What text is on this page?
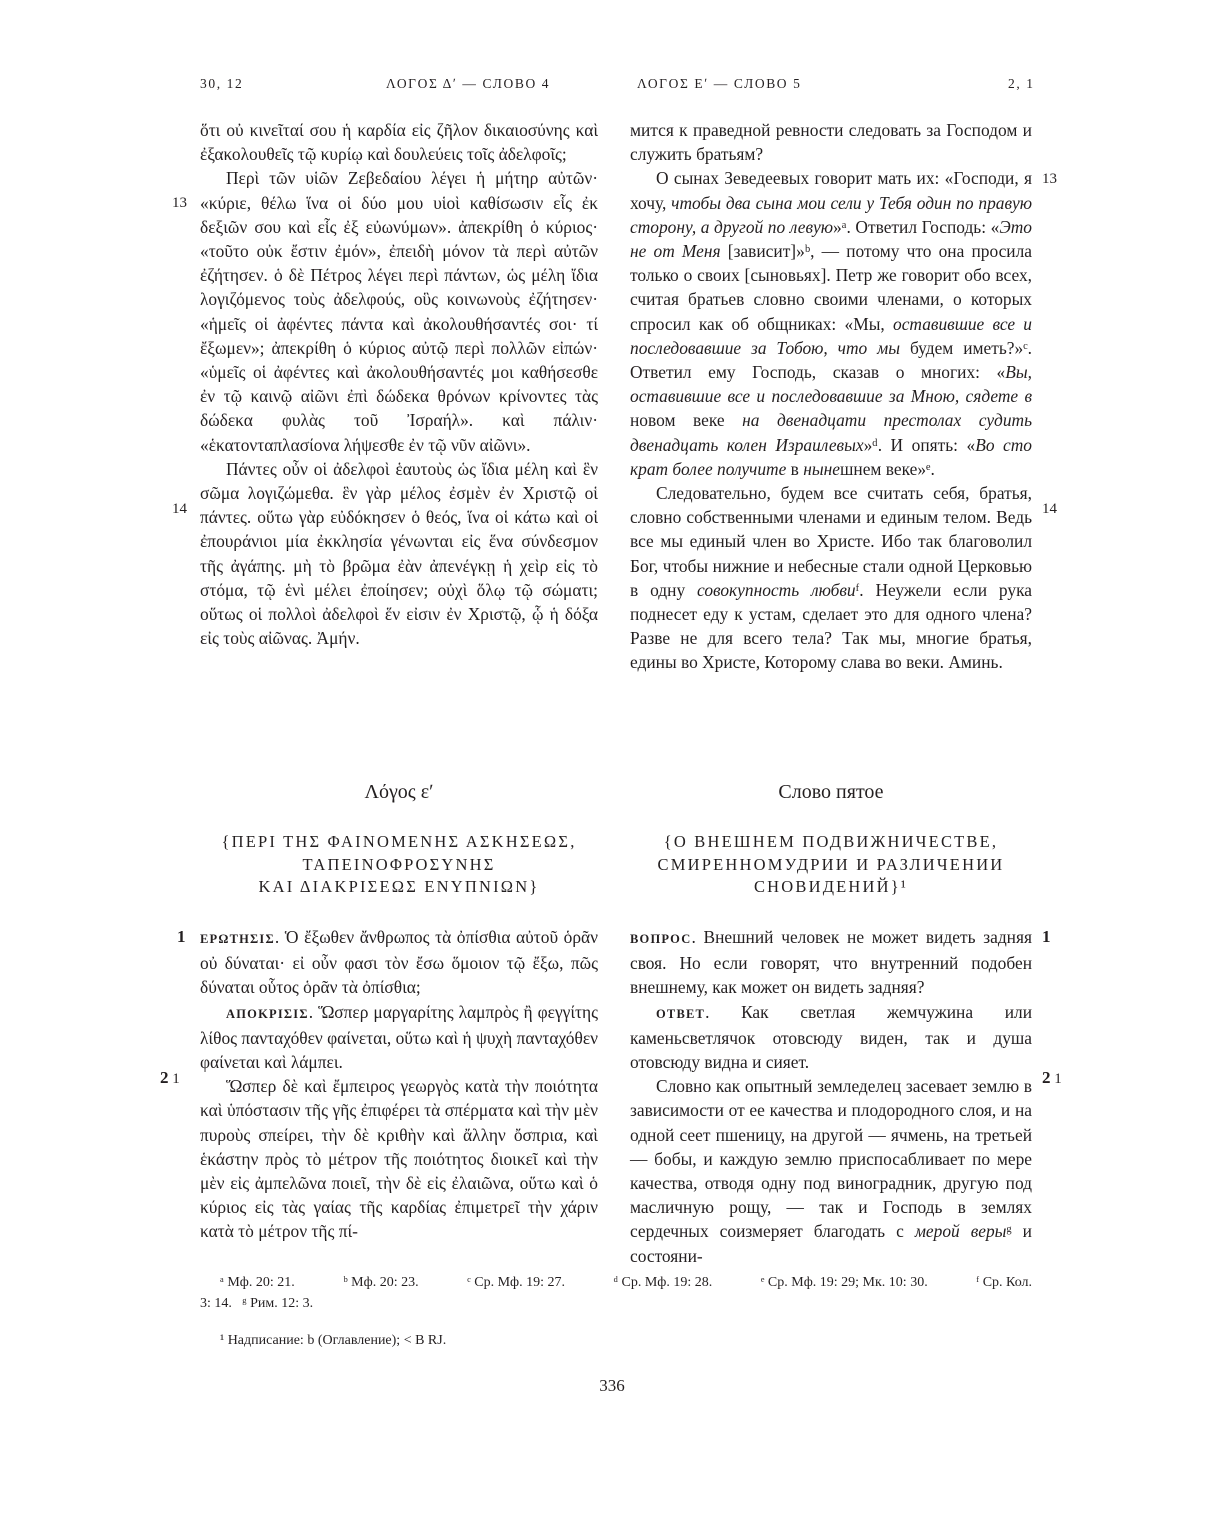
30, 12	ΛΟΓΟΣ Δʹ — СЛОВО 4	ΛΟΓΟΣ Εʹ — СЛОВО 5	2, 1

ὅτι οὐ κινεῖταί σου ἡ καρδία εἰς ζῆλον δικαιοσύνης καὶ ἐξακολουθεῖς τῷ κυρίῳ καὶ δουλεύεις τοῖς ἀδελφοῖς;

Περὶ τῶν υἱῶν Ζεβεδαίου λέγει ἡ μήτηρ αὐτῶν· «κύριε, θέλω ἵνα οἱ δύο μου υἱοὶ καθίσωσιν εἷς ἐκ δεξιῶν σου καὶ εἷς ἐξ εὐωνύμων». ἀπεκρίθη ὁ κύριος· «τοῦτο οὐκ ἔστιν ἐμόν», ἐπειδὴ μόνον τὰ περὶ αὐτῶν ἐζήτησεν. ὁ δὲ Πέτρος λέγει περὶ πάντων, ὡς μέλη ἴδια λογιζόμενος τοὺς ἀδελφούς, οὓς κοινωνοὺς ἐζήτησεν· «ἡμεῖς οἱ ἀφέντες πάντα καὶ ἀκολουθήσαντές σοι· τί ἔξωμεν»; ἀπεκρίθη ὁ κύριος αὐτῷ περὶ πολλῶν εἰπών· «ὑμεῖς οἱ ἀφέντες καὶ ἀκολουθήσαντές μοι καθήσεσθε ἐν τῷ καινῷ αἰῶνι ἐπὶ δώδεκα θρόνων κρίνοντες τὰς δώδεκα φυλὰς τοῦ Ἰσραήλ». καὶ πάλιν· «ἑκατονταπλασίονα λήψεσθε ἐν τῷ νῦν αἰῶνι».

Πάντες οὖν οἱ ἀδελφοὶ ἑαυτοὺς ὡς ἴδια μέλη καὶ ἓν σῶμα λογιζώμεθα. ἓν γὰρ μέλος ἐσμὲν ἐν Χριστῷ οἱ πάντες. οὕτω γὰρ εὐδόκησεν ὁ θεός, ἵνα οἱ κάτω καὶ οἱ ἐπουράνιοι μία ἐκκλησία γένωνται εἰς ἕνα σύνδεσμον τῆς ἀγάπης. μὴ τὸ βρῶμα ἐὰν ἀπενέγκῃ ἡ χεὶρ εἰς τὸ στόμα, τῷ ἑνὶ μέλει ἐποίησεν; οὐχὶ ὅλῳ τῷ σώματι; οὕτως οἱ πολλοὶ ἀδελφοὶ ἕν εἰσιν ἐν Χριστῷ, ᾧ ἡ δόξα εἰς τοὺς αἰῶνας. Ἀμήν.

13
14

мится к праведной ревности следовать за Господом и служить братьям?

О сынах Зеведеевых говорит мать их: «Господи, я хочу, чтобы два сына мои сели у Тебя один по правую сторону, а другой по левую»ᵃ. Ответил Господь: «Это не от Меня [зависит]»ᵇ, — потому что она просила только о своих [сыновьях]. Петр же говорит обо всех, считая братьев словно своими членами, о которых спросил как об общниках: «Мы, оставившие все и последовавшие за Тобою, что мы будем иметь?»ᶜ. Ответил ему Господь, сказав о многих: «Вы, оставившие все и последовавшие за Мною, сядете в новом веке на двенадцати престолах судить двенадцать колен Израилевых»ᵈ. И опять: «Во сто крат более получите в нынешнем веке»ᵉ.

Следовательно, будем все считать себя, братья, словно собственными членами и единым телом. Ведь все мы единый член во Христе. Ибо так благоволил Бог, чтобы нижние и небесные стали одной Церковью в одну совокупность любвиᶠ. Неужели если рука поднесет еду к устам, сделает это для одного члена? Разве не для всего тела? Так мы, многие братья, едины во Христе, Которому слава во веки. Аминь.

13
14
Λόγος εʹ	Слово пятое
{ΠΕΡΙ ΤΗΣ ΦΑΙΝΟΜΕΝΗΣ ΑΣΚΗΣΕΩΣ,
ΤΑΠΕΙΝΟΦΡΟΣΥΝΗΣ
ΚΑΙ ΔΙΑΚΡΙΣΕΩΣ ΕΝΥΠΝΙΩΝ}
{О ВНЕШНЕМ ПОДВИЖНИЧЕСТВЕ,
СМИРЕННОМУДРИИ И РАЗЛИЧЕНИИ
СНОВИДЕНИЙ}¹

ΕΡΩΤΗΣΙΣ. Ὁ ἔξωθεν ἄνθρωπος τὰ ὀπίσθια αὐτοῦ ὁρᾶν οὐ δύναται· εἰ οὖν φασι τὸν ἔσω ὅμοιον τῷ ἔξω, πῶς δύναται οὗτος ὁρᾶν τὰ ὀπίσθια;

ΑΠΟΚΡΙΣΙΣ. Ὥσπερ μαργαρίτης λαμπρὸς ἢ φεγγίτης λίθος πανταχόθεν φαίνεται, οὕτω καὶ ἡ ψυχὴ πανταχόθεν φαίνεται καὶ λάμπει.

Ὥσπερ δὲ καὶ ἔμπειρος γεωργὸς κατὰ τὴν ποιότητα καὶ ὑπόστασιν τῆς γῆς ἐπιφέρει τὰ σπέρματα καὶ τὴν μὲν πυροὺς σπείρει, τὴν δὲ κριθὴν καὶ ἄλλην ὄσπρια, καὶ ἑκάστην πρὸς τὸ μέτρον τῆς ποιότητος διοικεῖ καὶ τὴν μὲν εἰς ἀμπελῶνα ποιεῖ, τὴν δὲ εἰς ἐλαιῶνα, οὕτω καὶ ὁ κύριος εἰς τὰς γαίας τῆς καρδίας ἐπιμετρεῖ τὴν χάριν κατὰ τὸ μέτρον τῆς πί-

1
2 1

ВОПРОС. Внешний человек не может видеть задняя своя. Но если говорят, что внутренний подобен внешнему, как может он видеть задняя?

ОТВЕТ. Как светлая жемчужина или каменьсветлячок отовсюду виден, так и душа отовсюду видна и сияет.

Словно как опытный земледелец засевает землю в зависимости от ее качества и плодородного слоя, и на одной сеет пшеницу, на другой — ячмень, на третьей — бобы, и каждую землю приспосабливает по мере качества, отводя одну под виноградник, другую под масличную рощу, — так и Господь в землях сердечных соизмеряет благодать с мерой верыᵍ и состояни-

1
2 1
ᵃ Мф. 20: 21.	ᵇ Мф. 20: 23.	ᶜ Ср. Мф. 19: 27.	ᵈ Ср. Мф. 19: 28.	ᵉ Ср. Мф. 19: 29; Мк. 10: 30.	ᶠ Ср. Кол.
3: 14.   ᵍ Рим. 12: 3.
¹ Надписание: b (Оглавление); < B RJ.
336
